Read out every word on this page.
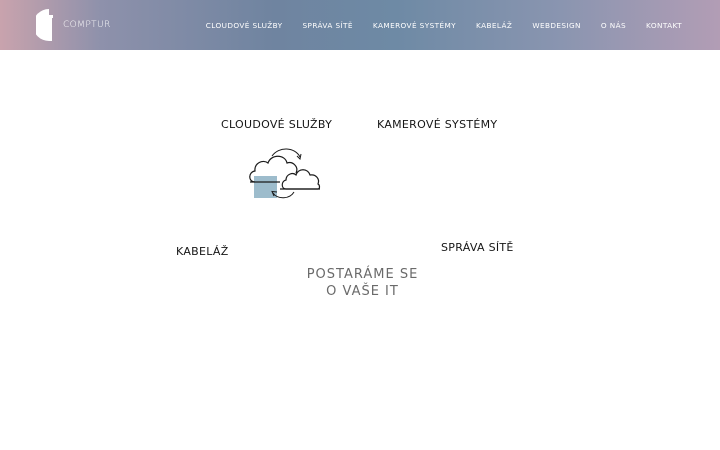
COMPTUR	CLOUDOVÉ SLUŽBY	SPRÁVA SÍTĚ	KAMEROVÉ SYSTÉMY	KABELÁŽ	WEBDESIGN	O NÁS	KONTAKT
CLOUDOVÉ SLUŽBY	KAMEROVÉ SYSTÉMY
KABELÁŽ	SPRÁVA SÍTĚ
POSTARÁME SE
O VAŠE IT
